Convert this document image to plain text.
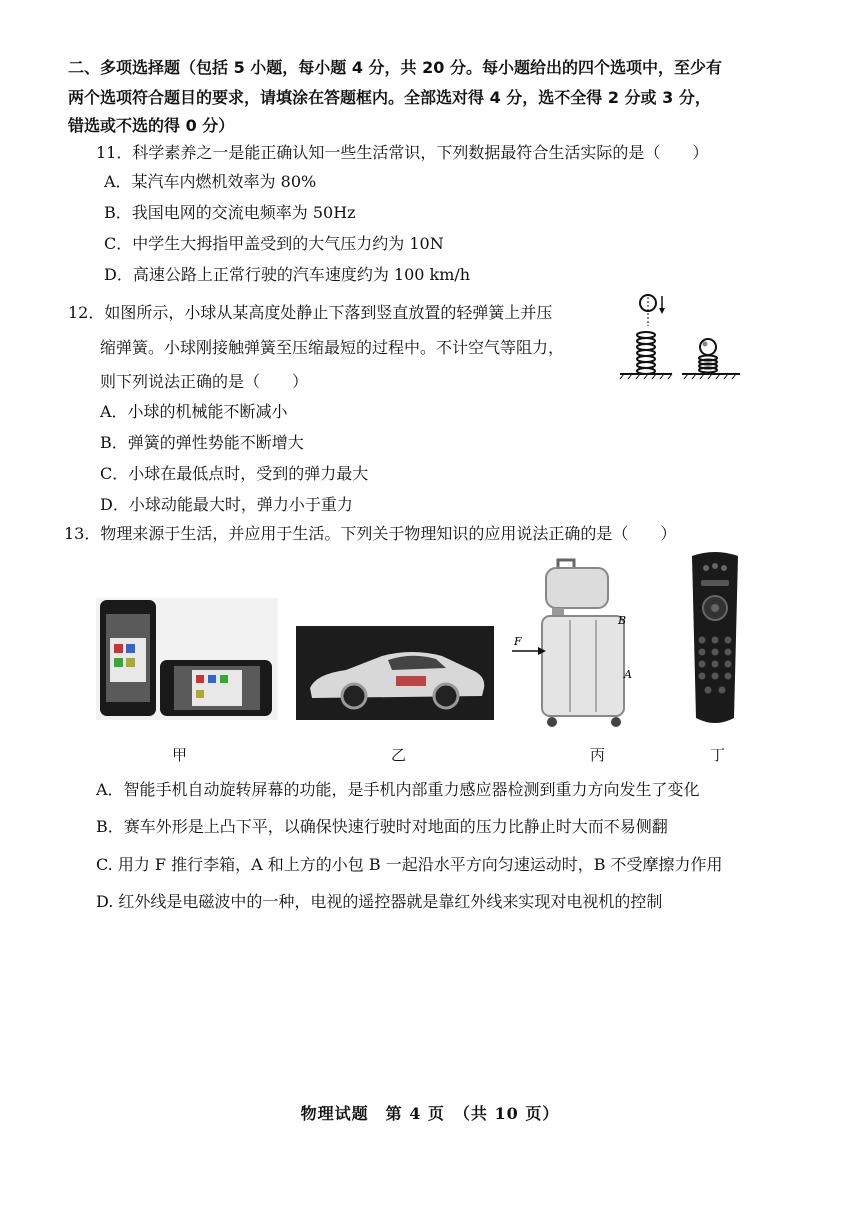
二、多项选择题（包括 5 小题，每小题 4 分，共 20 分。每小题给出的四个选项中，至少有
两个选项符合题目的要求，请填涂在答题框内。全部选对得 4 分，选不全得 2 分或 3 分，
错选或不选的得 0 分）
11．科学素养之一是能正确认知一些生活常识，下列数据最符合生活实际的是（　　）
A．某汽车内燃机效率为 80%
B．我国电网的交流电频率为 50Hz
C．中学生大拇指甲盖受到的大气压力约为 10N
D．高速公路上正常行驶的汽车速度约为 100 km/h
12．如图所示，小球从某高度处静止下落到竖直放置的轻弹簧上并压
缩弹簧。小球刚接触弹簧至压缩最短的过程中。不计空气等阻力，
则下列说法正确的是（　　）
A．小球的机械能不断减小
B．弹簧的弹性势能不断增大
C．小球在最低点时，受到的弹力最大
D．小球动能最大时，弹力小于重力
13．物理来源于生活，并应用于生活。下列关于物理知识的应用说法正确的是（　　）
甲	乙
F
B
A
丙	丁
A．智能手机自动旋转屏幕的功能，是手机内部重力感应器检测到重力方向发生了变化
B．赛车外形是上凸下平，以确保快速行驶时对地面的压力比静止时大而不易侧翻
C. 用力 F 推行李箱，A 和上方的小包 B 一起沿水平方向匀速运动时，B 不受摩擦力作用
D. 红外线是电磁波中的一种，电视的遥控器就是靠红外线来实现对电视机的控制
物理试题　第 4 页　（共 10 页）
